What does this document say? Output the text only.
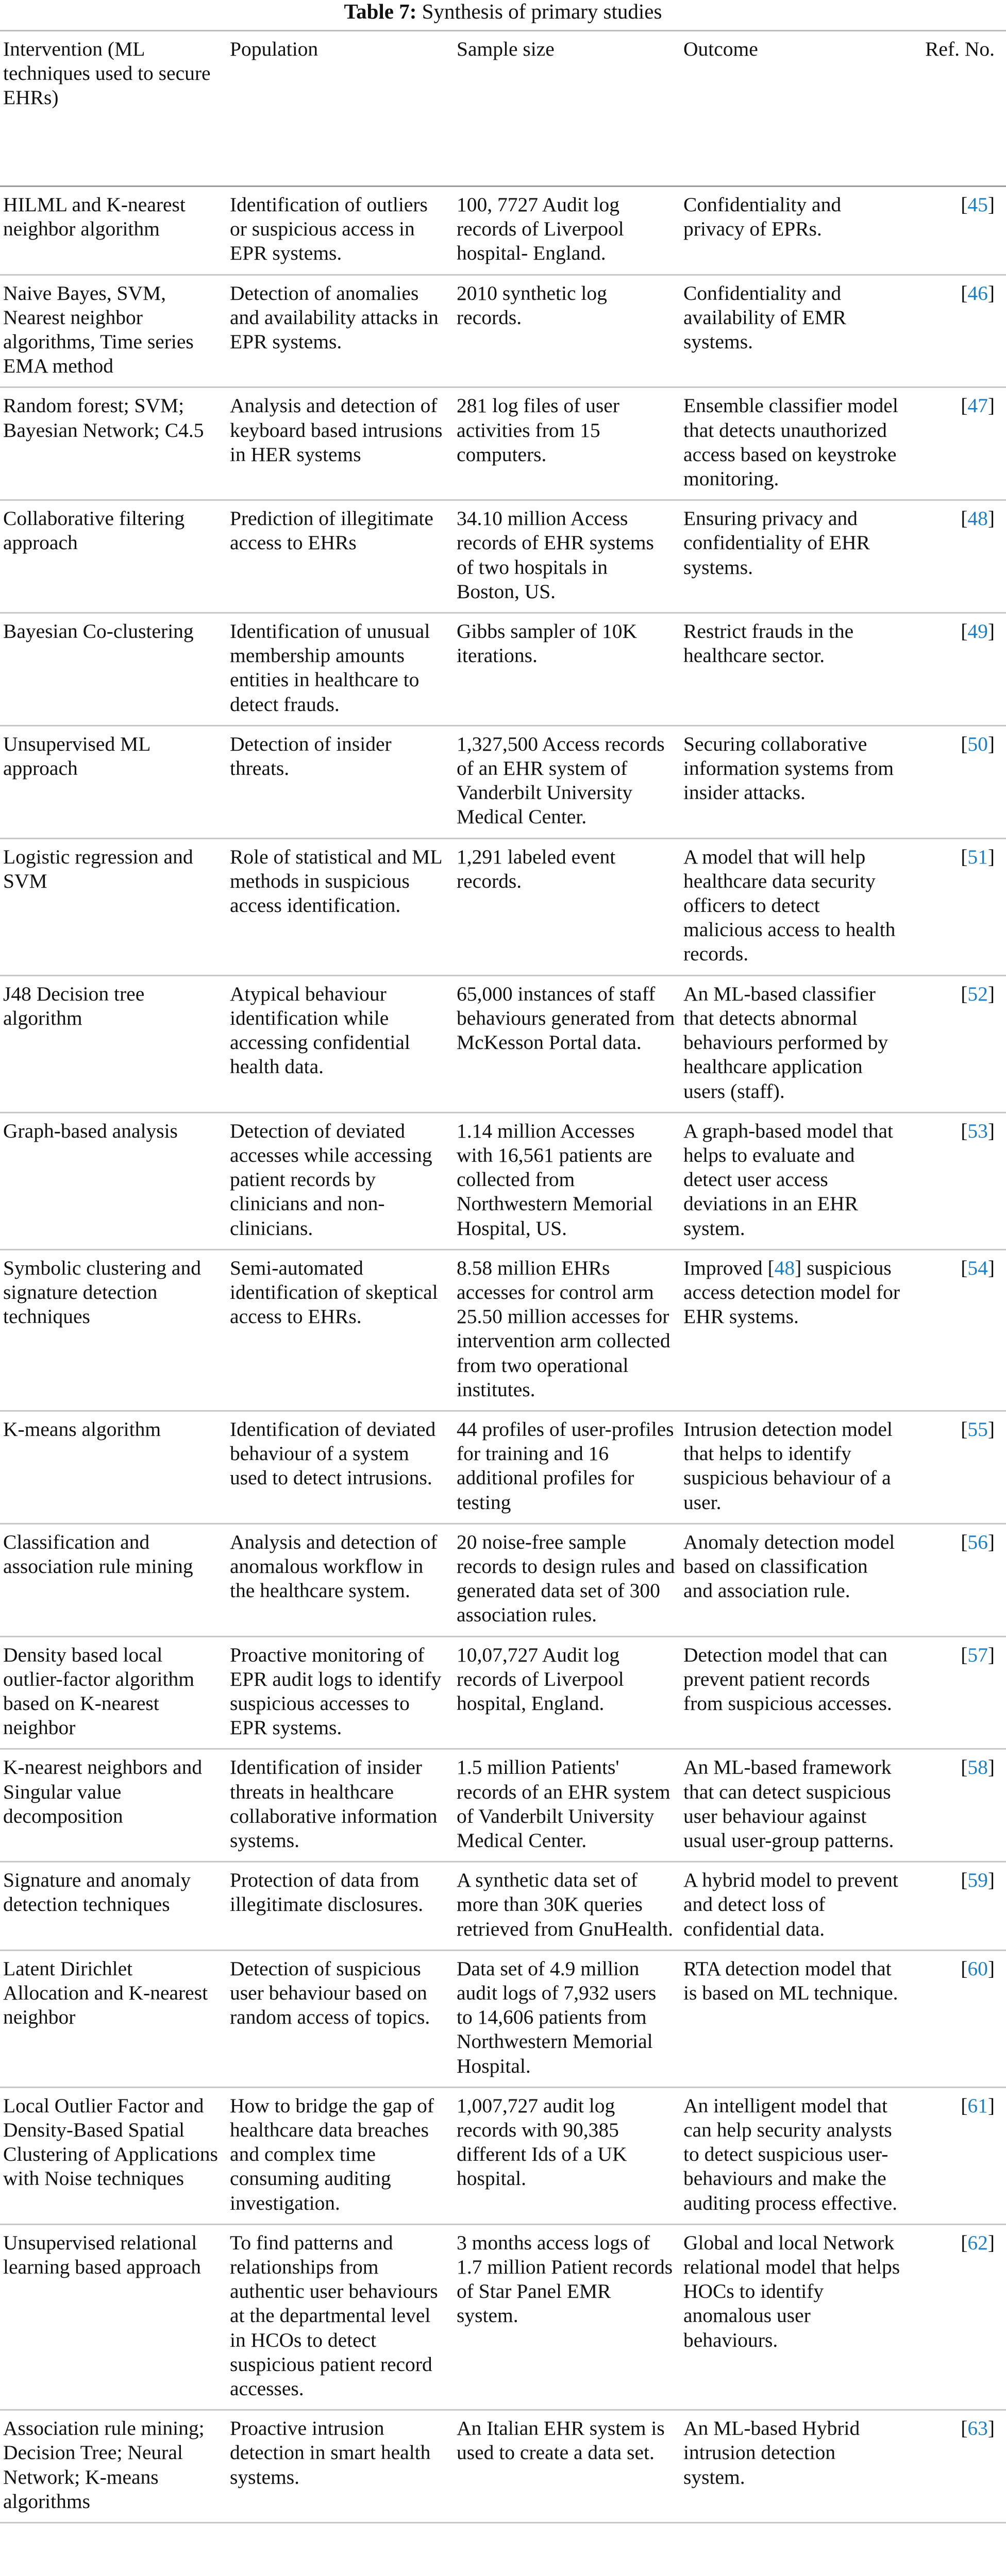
Table 7: Synthesis of primary studies
Intervention (ML techniques used to secure EHRs)	Population	Sample size	Outcome	Ref. No.
HILML and K-nearest neighbor algorithm	Identification of outliers or suspicious access in EPR systems.	100, 7727 Audit log records of Liverpool hospital- England.	Confidentiality and privacy of EPRs.	[45]
Naive Bayes, SVM, Nearest neighbor algorithms, Time series EMA method	Detection of anomalies and availability attacks in EPR systems.	2010 synthetic log records.	Confidentiality and availability of EMR systems.	[46]
Random forest; SVM; Bayesian Network; C4.5	Analysis and detection of keyboard based intrusions in HER systems	281 log files of user activities from 15 computers.	Ensemble classifier model that detects unauthorized access based on keystroke monitoring.	[47]
Collaborative filtering approach	Prediction of illegitimate access to EHRs	34.10 million Access records of EHR systems of two hospitals in Boston, US.	Ensuring privacy and confidentiality of EHR systems.	[48]
Bayesian Co-clustering	Identification of unusual membership amounts entities in healthcare to detect frauds.	Gibbs sampler of 10K iterations.	Restrict frauds in the healthcare sector.	[49]
Unsupervised ML approach	Detection of insider threats.	1,327,500 Access records of an EHR system of Vanderbilt University Medical Center.	Securing collaborative information systems from insider attacks.	[50]
Logistic regression and SVM	Role of statistical and ML methods in suspicious access identification.	1,291 labeled event records.	A model that will help healthcare data security officers to detect malicious access to health records.	[51]
J48 Decision tree algorithm	Atypical behaviour identification while accessing confidential health data.	65,000 instances of staff behaviours generated from McKesson Portal data.	An ML-based classifier that detects abnormal behaviours performed by healthcare application users (staff).	[52]
Graph-based analysis	Detection of deviated accesses while accessing patient records by clinicians and non-clinicians.	1.14 million Accesses with 16,561 patients are collected from Northwestern Memorial Hospital, US.	A graph-based model that helps to evaluate and detect user access deviations in an EHR system.	[53]
Symbolic clustering and signature detection techniques	Semi-automated identification of skeptical access to EHRs.	8.58 million EHRs accesses for control arm 25.50 million accesses for intervention arm collected from two operational institutes.	Improved [48] suspicious access detection model for EHR systems.	[54]
K-means algorithm	Identification of deviated behaviour of a system used to detect intrusions.	44 profiles of user-profiles for training and 16 additional profiles for testing	Intrusion detection model that helps to identify suspicious behaviour of a user.	[55]
Classification and association rule mining	Analysis and detection of anomalous workflow in the healthcare system.	20 noise-free sample records to design rules and generated data set of 300 association rules.	Anomaly detection model based on classification and association rule.	[56]
Density based local outlier-factor algorithm based on K-nearest neighbor	Proactive monitoring of EPR audit logs to identify suspicious accesses to EPR systems.	10,07,727 Audit log records of Liverpool hospital, England.	Detection model that can prevent patient records from suspicious accesses.	[57]
K-nearest neighbors and Singular value decomposition	Identification of insider threats in healthcare collaborative information systems.	1.5 million Patients' records of an EHR system of Vanderbilt University Medical Center.	An ML-based framework that can detect suspicious user behaviour against usual user-group patterns.	[58]
Signature and anomaly detection techniques	Protection of data from illegitimate disclosures.	A synthetic data set of more than 30K queries retrieved from GnuHealth.	A hybrid model to prevent and detect loss of confidential data.	[59]
Latent Dirichlet Allocation and K-nearest neighbor	Detection of suspicious user behaviour based on random access of topics.	Data set of 4.9 million audit logs of 7,932 users to 14,606 patients from Northwestern Memorial Hospital.	RTA detection model that is based on ML technique.	[60]
Local Outlier Factor and Density-Based Spatial Clustering of Applications with Noise techniques	How to bridge the gap of healthcare data breaches and complex time consuming auditing investigation.	1,007,727 audit log records with 90,385 different Ids of a UK hospital.	An intelligent model that can help security analysts to detect suspicious user-behaviours and make the auditing process effective.	[61]
Unsupervised relational learning based approach	To find patterns and relationships from authentic user behaviours at the departmental level in HCOs to detect suspicious patient record accesses.	3 months access logs of 1.7 million Patient records of Star Panel EMR system.	Global and local Network relational model that helps HOCs to identify anomalous user behaviours.	[62]
Association rule mining; Decision Tree; Neural Network; K-means algorithms	Proactive intrusion detection in smart health systems.	An Italian EHR system is used to create a data set.	An ML-based Hybrid intrusion detection system.	[63]
